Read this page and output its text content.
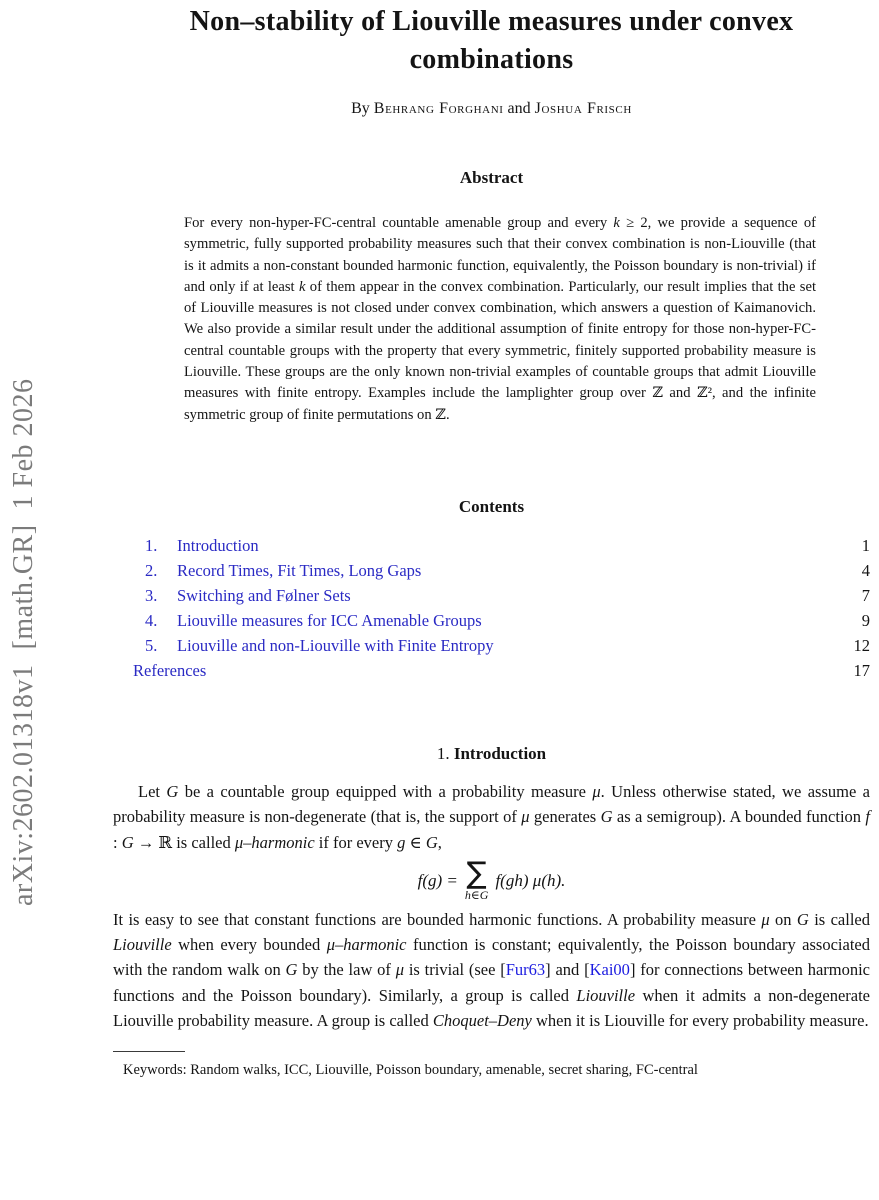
arXiv:2602.01318v1  [math.GR]  1 Feb 2026
Non–stability of Liouville measures under convex
combinations
By Behrang Forghani and Joshua Frisch
Abstract
For every non-hyper-FC-central countable amenable group and every k ≥ 2, we provide a sequence of symmetric, fully supported probability measures such that their convex combination is non-Liouville (that is it admits a non-constant bounded harmonic function, equivalently, the Poisson boundary is non-trivial) if and only if at least k of them appear in the convex combination. Particularly, our result implies that the set of Liouville measures is not closed under convex combination, which answers a question of Kaimanovich. We also provide a similar result under the additional assumption of finite entropy for those non-hyper-FC-central countable groups with the property that every symmetric, finitely supported probability measure is Liouville. These groups are the only known non-trivial examples of countable groups that admit Liouville measures with finite entropy. Examples include the lamplighter group over ℤ and ℤ², and the infinite symmetric group of finite permutations on ℤ.
Contents
1.	Introduction	1
2.	Record Times, Fit Times, Long Gaps	4
3.	Switching and Følner Sets	7
4.	Liouville measures for ICC Amenable Groups	9
5.	Liouville and non-Liouville with Finite Entropy	12
References	17
1. Introduction
Let G be a countable group equipped with a probability measure μ. Unless otherwise stated, we assume a probability measure is non-degenerate (that is, the support of μ generates G as a semigroup). A bounded function f : G → ℝ is called μ–harmonic if for every g ∈ G,
f(g) = ∑
h∈G
f(gh) μ(h).
It is easy to see that constant functions are bounded harmonic functions. A probability measure μ on G is called Liouville when every bounded μ–harmonic function is constant; equivalently, the Poisson boundary associated with the random walk on G by the law of μ is trivial (see [Fur63] and [Kai00] for connections between harmonic functions and the Poisson boundary). Similarly, a group is called Liouville when it admits a non-degenerate Liouville probability measure. A group is called Choquet–Deny when it is Liouville for every probability measure.
Keywords: Random walks, ICC, Liouville, Poisson boundary, amenable, secret sharing, FC-central
